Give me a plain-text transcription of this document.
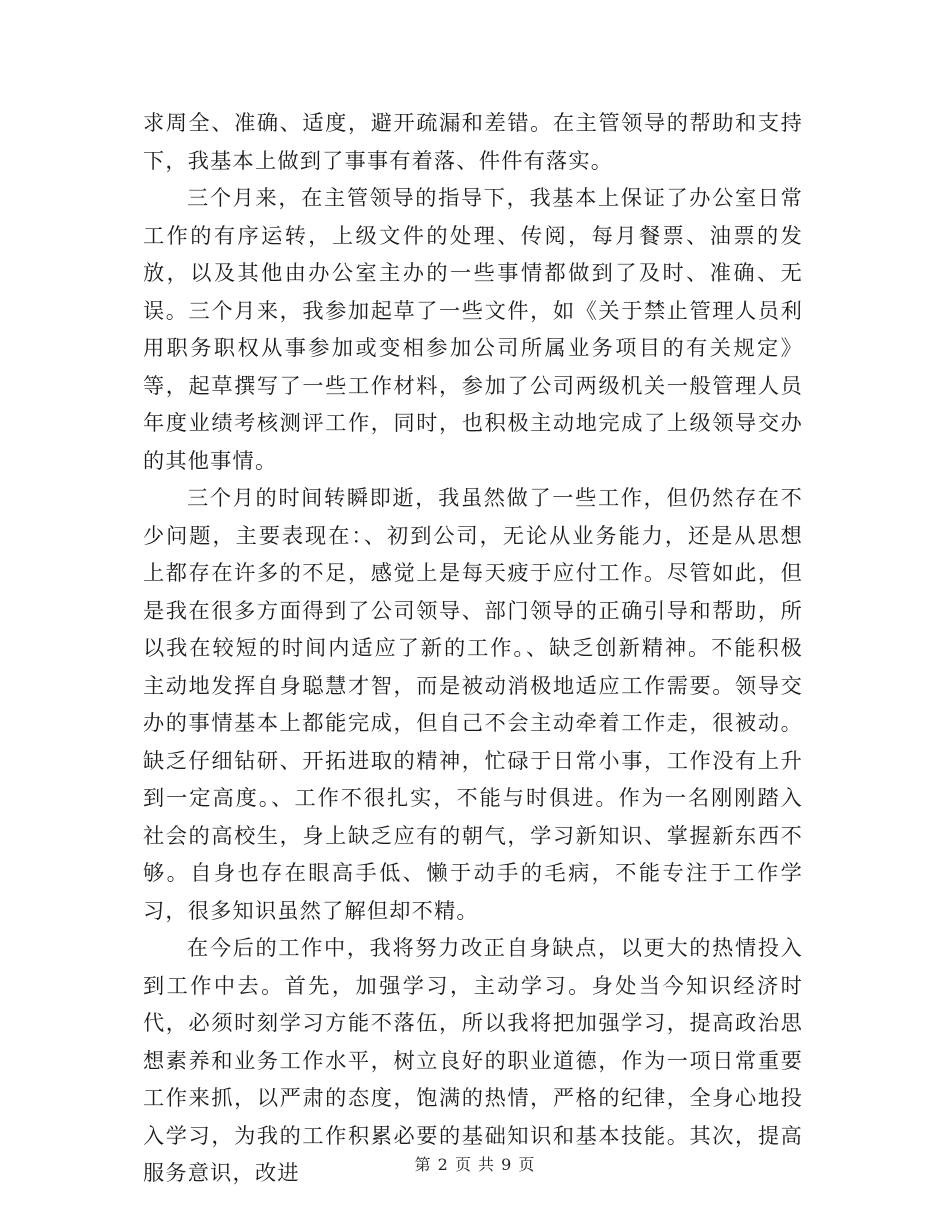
求周全、准确、适度，避开疏漏和差错。在主管领导的帮助和支持下，我基本上做到了事事有着落、件件有落实。

三个月来，在主管领导的指导下，我基本上保证了办公室日常工作的有序运转，上级文件的处理、传阅，每月餐票、油票的发放，以及其他由办公室主办的一些事情都做到了及时、准确、无误。三个月来，我参加起草了一些文件，如《关于禁止管理人员利用职务职权从事参加或变相参加公司所属业务项目的有关规定》等，起草撰写了一些工作材料，参加了公司两级机关一般管理人员年度业绩考核测评工作，同时，也积极主动地完成了上级领导交办的其他事情。

三个月的时间转瞬即逝，我虽然做了一些工作，但仍然存在不少问题，主要表现在：、初到公司，无论从业务能力，还是从思想上都存在许多的不足，感觉上是每天疲于应付工作。尽管如此，但是我在很多方面得到了公司领导、部门领导的正确引导和帮助，所以我在较短的时间内适应了新的工作。、缺乏创新精神。不能积极主动地发挥自身聪慧才智，而是被动消极地适应工作需要。领导交办的事情基本上都能完成，但自己不会主动牵着工作走，很被动。缺乏仔细钻研、开拓进取的精神，忙碌于日常小事，工作没有上升到一定高度。、工作不很扎实，不能与时俱进。作为一名刚刚踏入社会的高校生，身上缺乏应有的朝气，学习新知识、掌握新东西不够。自身也存在眼高手低、懒于动手的毛病，不能专注于工作学习，很多知识虽然了解但却不精。

在今后的工作中，我将努力改正自身缺点，以更大的热情投入到工作中去。首先，加强学习，主动学习。身处当今知识经济时代，必须时刻学习方能不落伍，所以我将把加强学习，提高政治思想素养和业务工作水平，树立良好的职业道德，作为一项日常重要工作来抓，以严肃的态度，饱满的热情，严格的纪律，全身心地投入学习，为我的工作积累必要的基础知识和基本技能。其次，提高服务意识，改进	第 2 页 共 9 页
